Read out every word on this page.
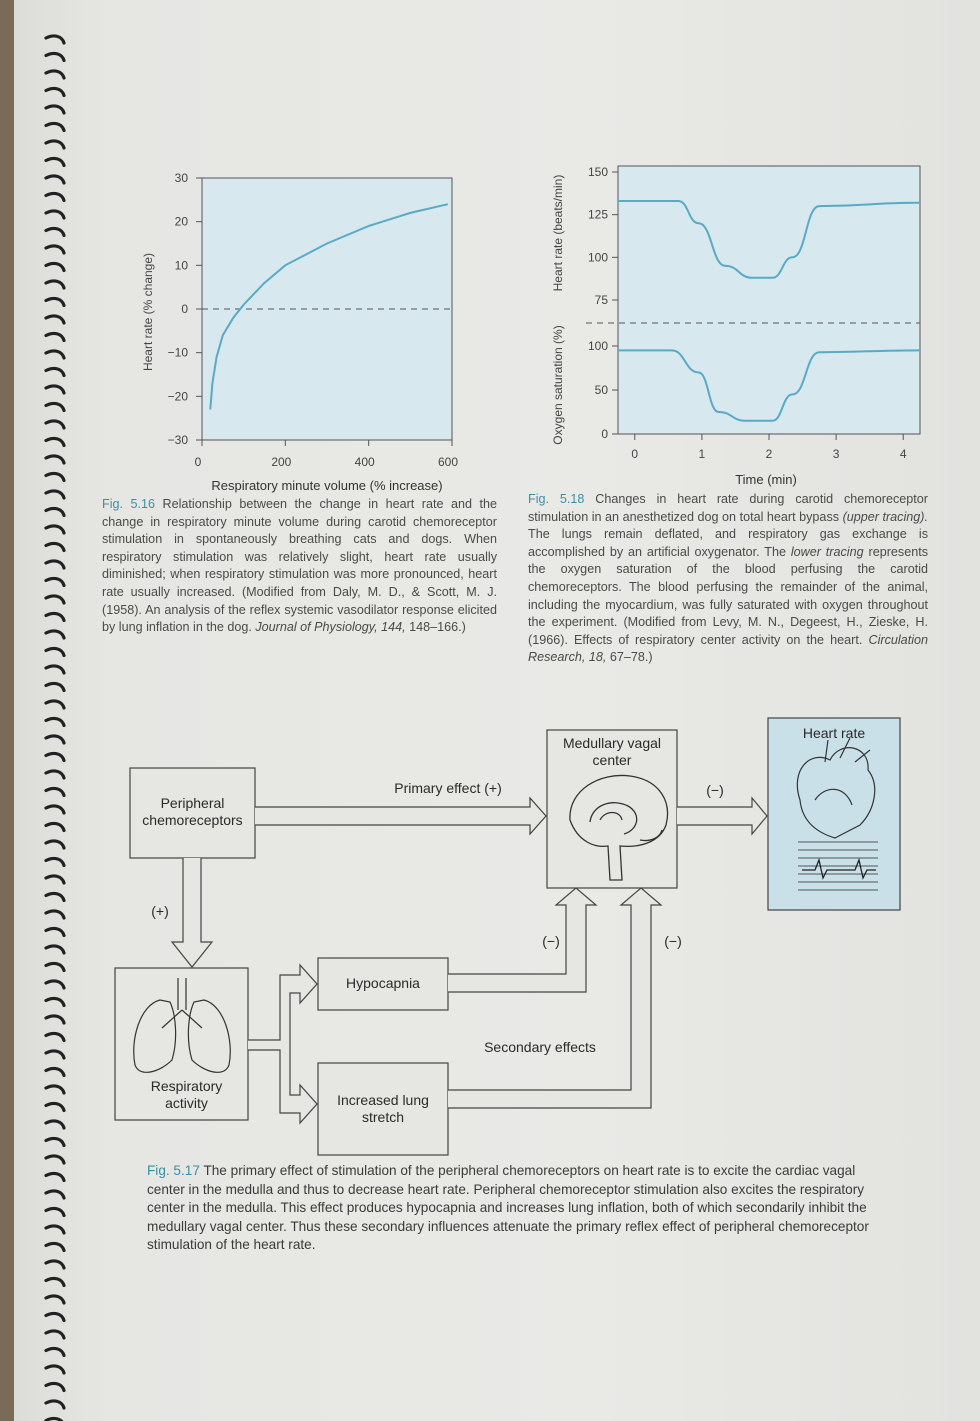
30
20
10
0
−10
−20
−30
0	200	400	600
Heart rate (% change)
Respiratory minute volume (% increase)
Fig. 5.16 Relationship between the change in heart rate and the change in respiratory minute volume during carotid chemoreceptor stimulation in spontaneously breathing cats and dogs. When respiratory stimulation was relatively slight, heart rate usually diminished; when respiratory stimulation was more pronounced, heart rate usually increased. (Modified from Daly, M. D., & Scott, M. J. (1958). An analysis of the reflex systemic vasodilator response elicited by lung inflation in the dog. Journal of Physiology, 144, 148–166.)
150
125
100
75
100
50
0
0	1	2	3	4
Heart rate (beats/min)
Oxygen saturation (%)
Time (min)
Fig. 5.18 Changes in heart rate during carotid chemoreceptor stimulation in an anesthetized dog on total heart bypass (upper tracing). The lungs remain deflated, and respiratory gas exchange is accomplished by an artificial oxygenator. The lower tracing represents the oxygen saturation of the blood perfusing the carotid chemoreceptors. The blood perfusing the remainder of the animal, including the myocardium, was fully saturated with oxygen throughout the experiment. (Modified from Levy, M. N., Degeest, H., Zieske, H. (1966). Effects of respiratory center activity on the heart. Circulation Research, 18, 67–78.)
Peripheral chemoreceptors
Respiratory activity
Hypocapnia
Increased lung stretch
Medullary vagal center
Heart rate
Primary effect (+)
Secondary effects
(+)
(−)
(−)	(−)
Fig. 5.17 The primary effect of stimulation of the peripheral chemoreceptors on heart rate is to excite the cardiac vagal center in the medulla and thus to decrease heart rate. Peripheral chemoreceptor stimulation also excites the respiratory center in the medulla. This effect produces hypocapnia and increases lung inflation, both of which secondarily inhibit the medullary vagal center. Thus these secondary influences attenuate the primary reflex effect of peripheral chemoreceptor stimulation of the heart rate.
